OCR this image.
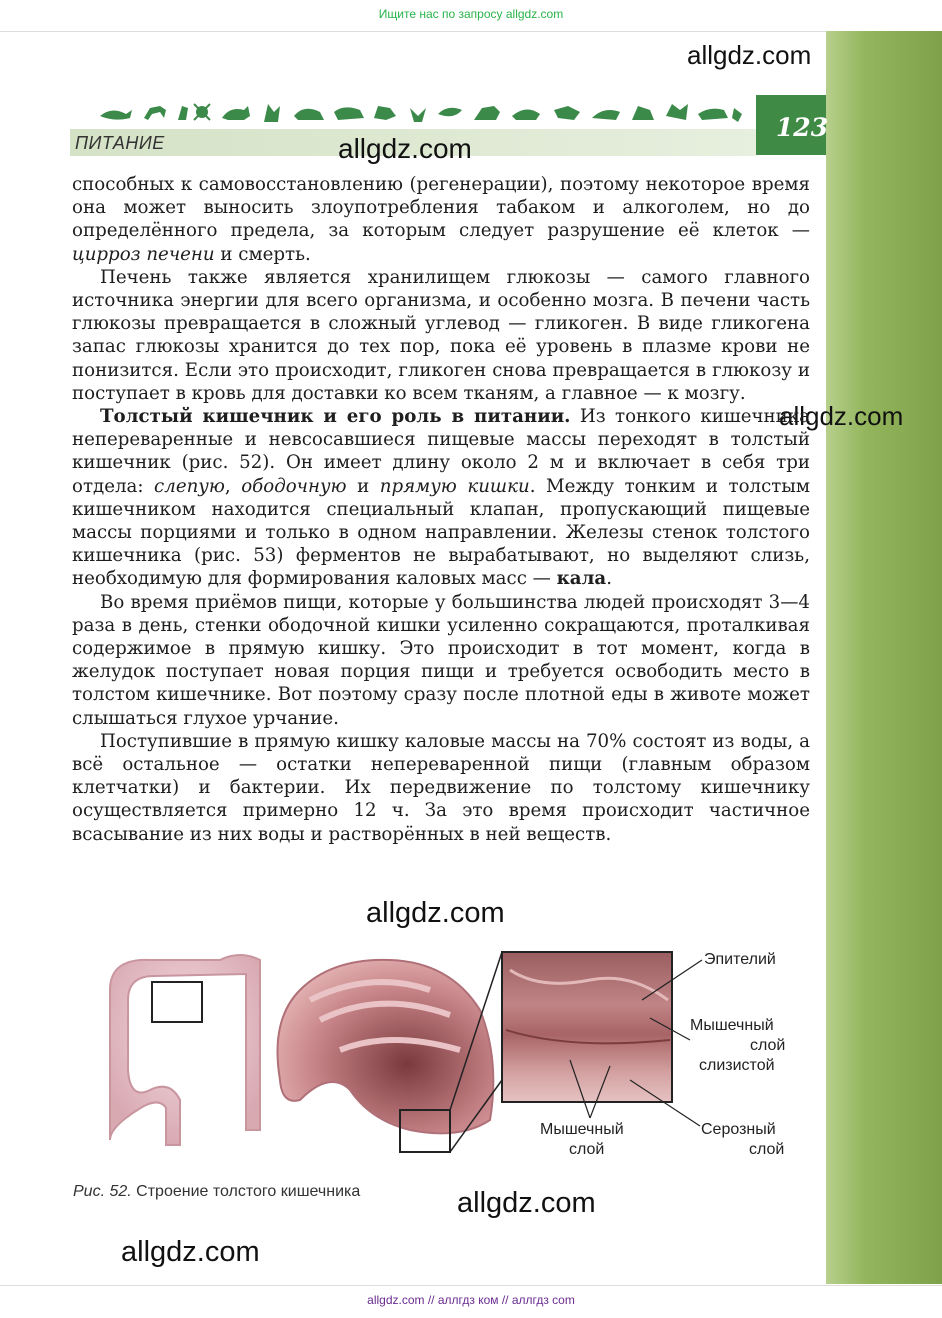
Ищите нас по запросу allgdz.com
ПИТАНИЕ
123
allgdz.com
allgdz.com
allgdz.com

способных к самовосстановлению (регенерации), поэтому некоторое время она может выносить злоупотребления табаком и алкоголем, но до определённого предела, за которым следует разрушение её клеток — цирроз печени и смерть.

Печень также является хранилищем глюкозы — самого главного источника энергии для всего организма, и особенно мозга. В печени часть глюкозы превращается в сложный углевод — гликоген. В виде гликогена запас глюкозы хранится до тех пор, пока её уровень в плазме крови не понизится. Если это происходит, гликоген снова превращается в глюкозу и поступает в кровь для доставки ко всем тканям, а главное — к мозгу.

Толстый кишечник и его роль в питании. Из тонкого кишечника непереваренные и невсосавшиеся пищевые массы переходят в толстый кишечник (рис. 52). Он имеет длину около 2 м и включает в себя три отдела: слепую, ободочную и прямую кишки. Между тонким и толстым кишечником находится специальный клапан, пропускающий пищевые массы порциями и только в одном направлении. Железы стенок толстого кишечника (рис. 53) ферментов не вырабатывают, но выделяют слизь, необходимую для формирования каловых масс — кала.

Во время приёмов пищи, которые у большинства людей происходят 3—4 раза в день, стенки ободочной кишки усиленно сокращаются, проталкивая содержимое в прямую кишку. Это происходит в тот момент, когда в желудок поступает новая порция пищи и требуется освободить место в толстом кишечнике. Вот поэтому сразу после плотной еды в животе может слышаться глухое урчание.

Поступившие в прямую кишку каловые массы на 70% состоят из воды, а всё остальное — остатки непереваренной пищи (главным образом клетчатки) и бактерии. Их передвижение по толстому кишечнику осуществляется примерно 12 ч. За это время происходит частичное всасывание из них воды и растворённых в ней веществ.

allgdz.com
Эпителий
Мышечный
слой
слизистой
Мышечный
слой
Серозный
слой
Рис. 52. Строение толстого кишечника	allgdz.com
allgdz.com
allgdz.com // аллгдз ком // аллгдз com
